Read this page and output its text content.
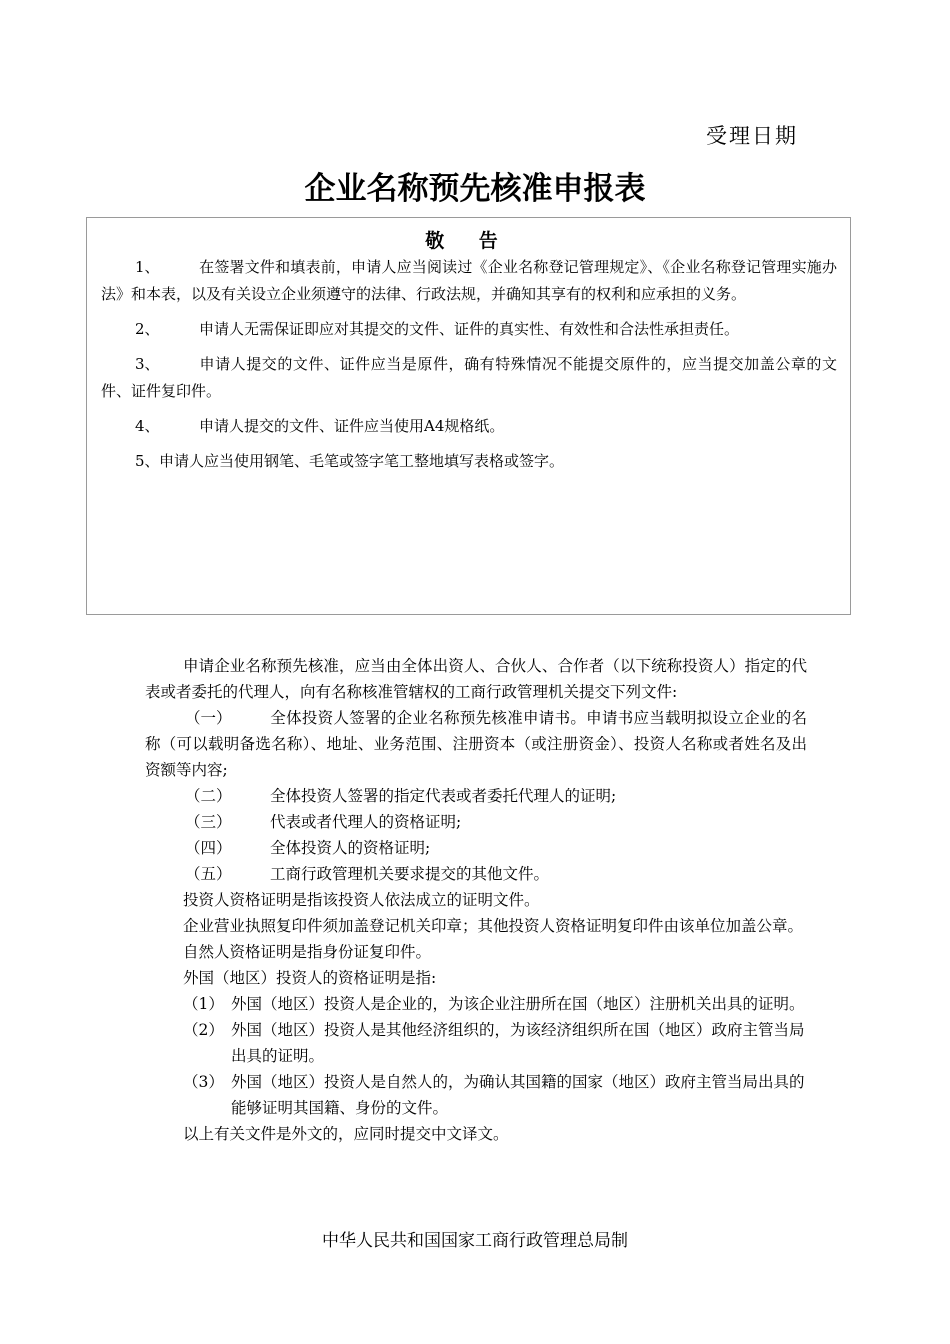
受理日期
企业名称预先核准申报表
敬 告

1、	在签署文件和填表前，申请人应当阅读过《企业名称登记管理规定》、《企业名称登记管理实施办法》和本表，以及有关设立企业须遵守的法律、行政法规，并确知其享有的权利和应承担的义务。

2、	申请人无需保证即应对其提交的文件、证件的真实性、有效性和合法性承担责任。

3、	申请人提交的文件、证件应当是原件，确有特殊情况不能提交原件的，应当提交加盖公章的文件、证件复印件。

4、	申请人提交的文件、证件应当使用A4规格纸。

5、申请人应当使用钢笔、毛笔或签字笔工整地填写表格或签字。

申请企业名称预先核准，应当由全体出资人、合伙人、合作者（以下统称投资人）指定的代表或者委托的代理人，向有名称核准管辖权的工商行政管理机关提交下列文件:

（一） 全体投资人签署的企业名称预先核准申请书。申请书应当载明拟设立企业的名称（可以载明备选名称）、地址、业务范围、注册资本（或注册资金）、投资人名称或者姓名及出资额等内容;

（二） 全体投资人签署的指定代表或者委托代理人的证明;

（三） 代表或者代理人的资格证明;

（四） 全体投资人的资格证明;

（五） 工商行政管理机关要求提交的其他文件。

投资人资格证明是指该投资人依法成立的证明文件。

企业营业执照复印件须加盖登记机关印章；其他投资人资格证明复印件由该单位加盖公章。

自然人资格证明是指身份证复印件。

外国（地区）投资人的资格证明是指:

（1） 外国（地区）投资人是企业的，为该企业注册所在国（地区）注册机关出具的证明。

（2） 外国（地区）投资人是其他经济组织的，为该经济组织所在国（地区）政府主管当局出具的证明。

（3） 外国（地区）投资人是自然人的，为确认其国籍的国家（地区）政府主管当局出具的能够证明其国籍、身份的文件。

以上有关文件是外文的，应同时提交中文译文。

中华人民共和国国家工商行政管理总局制
